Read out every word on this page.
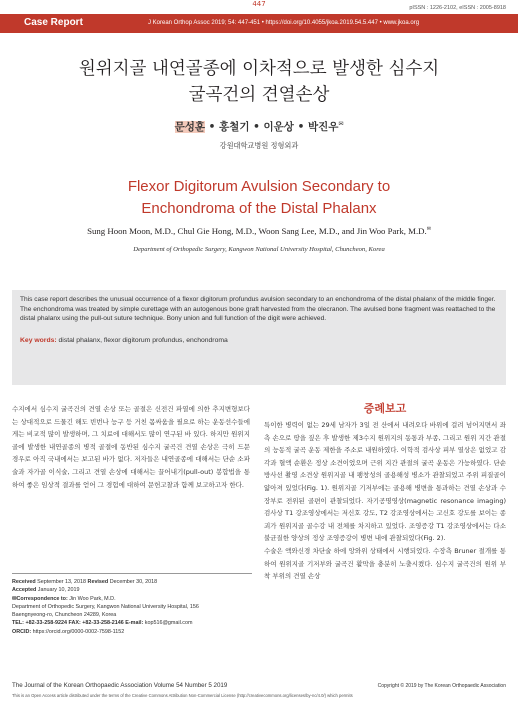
447	pISSN : 1226-2102, eISSN : 2005-8918
Case Report	J Korean Orthop Assoc 2019; 54: 447-451 • https://doi.org/10.4055/jkoa.2019.54.5.447 • www.jkoa.org
원위지골 내연골종에 이차적으로 발생한 심수지
굴곡건의 견열손상
문성훈 • 홍철기 • 이운상 • 박진우✉
강원대학교병원 정형외과
Flexor Digitorum Avulsion Secondary to
Enchondroma of the Distal Phalanx
Sung Hoon Moon, M.D., Chul Gie Hong, M.D., Woon Sang Lee, M.D., and Jin Woo Park, M.D.✉
Department of Orthopedic Surgery, Kangwon National University Hospital, Chuncheon, Korea
This case report describes the unusual occurrence of a flexor digitorum profundus avulsion secondary to an enchondroma of the distal phalanx of the middle finger. The enchondroma was treated by simple curettage with an autogenous bone graft harvested from the olecranon. The avulsed bone fragment was reattached to the distal phalanx using the pull-out suture technique. Bony union and full function of the digit were achieved.
Key words: distal phalanx, flexor digitorum profundus, enchondroma
수지에서 심수지 굴곡건의 견열 손상 또는 골절은 신전건 파열에 의한 추지변형보다는 상대적으로 드물긴 해도 빈번나 능구 등 거친 몸싸움을 필요로 하는 운동선수들에게는 비교적 많이 발생하며, 그 치료에 대해서도 많이 연구된 바 있다. 하지만 원위지골에 발생한 내연골종의 병적 골절에 동반된 심수지 굴곡건 견열 손상은 극히 드문 경우로 아직 국내에서는 보고된 바가 없다. 저자들은 내연골종에 대해서는 단순 소파술과 자가골 이식술, 그리고 견열 손상에 대해서는 끌어내기(pull-out) 봉합법을 통하여 좋은 임상적 결과를 얻어 그 경험에 대하여 문헌고찰과 함께 보고하고자 한다.
Received September 13, 2018 Revised December 30, 2018
Accepted January 10, 2019
✉Correspondence to: Jin Woo Park, M.D.
Department of Orthopedic Surgery, Kangwon National University Hospital, 156
Baengnyeong-ro, Chuncheon 24289, Korea
TEL: +82-33-258-9224 FAX: +82-33-258-2146 E-mail: kop516@gmail.com
ORCID: https://orcid.org/0000-0002-7598-1152
증례보고
특이한 병력이 없는 29세 남자가 3일 전 산에서 내려오다 바위에 걸려 넘어지면서 좌측 손으로 땅을 짚은 후 발생한 제3수지 원위지의 동통과 부종, 그리고 원위 지간 관절의 능동적 굴곡 운동 제한을 주소로 내원하였다. 이학적 검사상 피부 열상은 없었고 감각과 혈액 순환은 정상 소견이었으며 근위 지간 관절의 굴곡 운동은 가능하였다. 단순 방사선 촬영 소견상 원위지골 내 팽창성의 골용해성 병소가 관찰되었고 주위 피질골이 얇아져 있었다(Fig. 1). 원위지골 기저부에는 골용해 병변을 통과하는 견열 손상과 수장부로 전위된 골편이 관찰되었다. 자기공명영상(magnetic resonance imaging) 검사상 T1 강조영상에서는 저신호 강도, T2 강조영상에서는 고신호 강도를 보이는 종괴가 원위지골 골수강 내 전체를 차지하고 있었다. 조영증강 T1 강조영상에서는 다소 불균질한 양상의 정상 조영증강이 병변 내에 관찰되었다(Fig. 2).
수술은 액와신경 차단술 하에 앙와위 상태에서 시행되었다. 수장측 Bruner 절개를 통하여 원위지골 기저부와 굴곡건 활막을 충분히 노출시켰다. 심수지 굴곡건의 원위 부착 부위의 견열 손상
The Journal of the Korean Orthopaedic Association Volume 54 Number 5 2019	Copyright © 2019 by The Korean Orthopaedic Association
This is an Open Access article distributed under the terms of the Creative Commons Attribution Non-Commercial License (http://creativecommons.org/licenses/by-nc/4.0/) which permits
